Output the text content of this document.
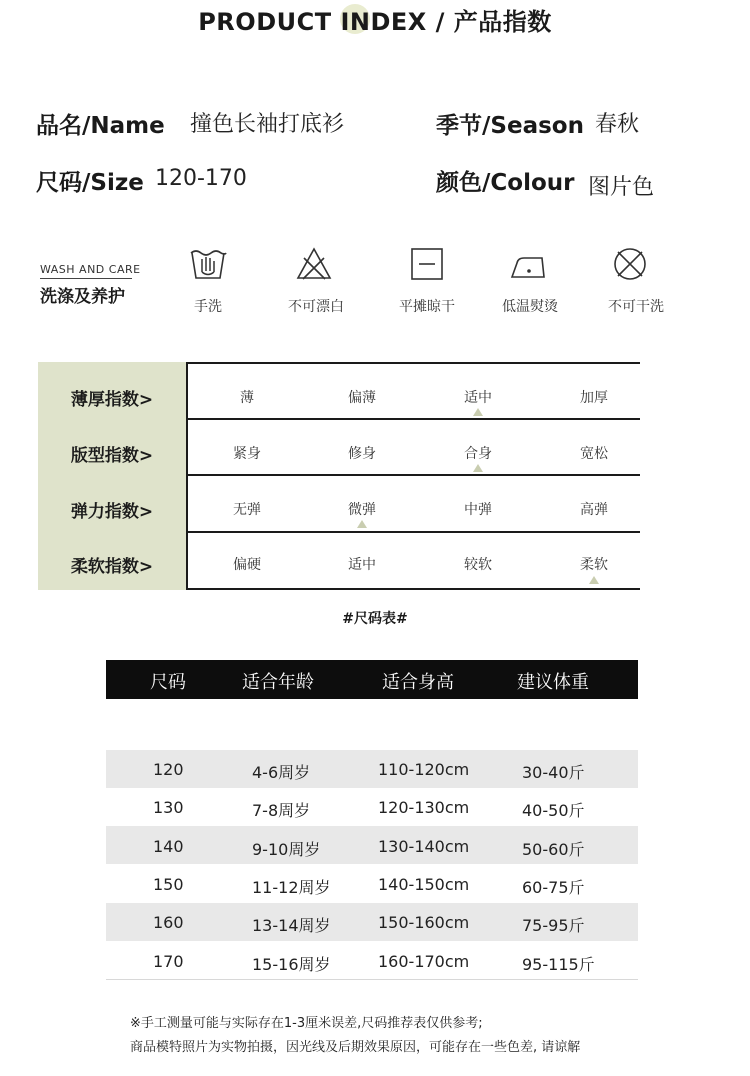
PRODUCT INDEX / 产品指数
品名/Name 撞色长袖打底衫	季节/Season 春秋
尺码/Size 120-170	颜色/Colour 图片色
WASH AND CARE
洗涤及养护	手洗	不可漂白	平摊晾干	低温熨烫	不可干洗
薄厚指数>	薄	偏薄	适中	加厚
版型指数>	紧身	修身	合身	宽松
弹力指数>	无弹	微弹	中弹	高弹
柔软指数>	偏硬	适中	较软	柔软
#尺码表#
尺码	适合年龄	适合身高	建议体重
120	4-6周岁	110-120cm	30-40斤
130	7-8周岁	120-130cm	40-50斤
140	9-10周岁	130-140cm	50-60斤
150	11-12周岁	140-150cm	60-75斤
160	13-14周岁	150-160cm	75-95斤
170	15-16周岁	160-170cm	95-115斤
※手工测量可能与实际存在1-3厘米误差,尺码推荐表仅供参考;
商品模特照片为实物拍摄，因光线及后期效果原因，可能存在一些色差, 请谅解
